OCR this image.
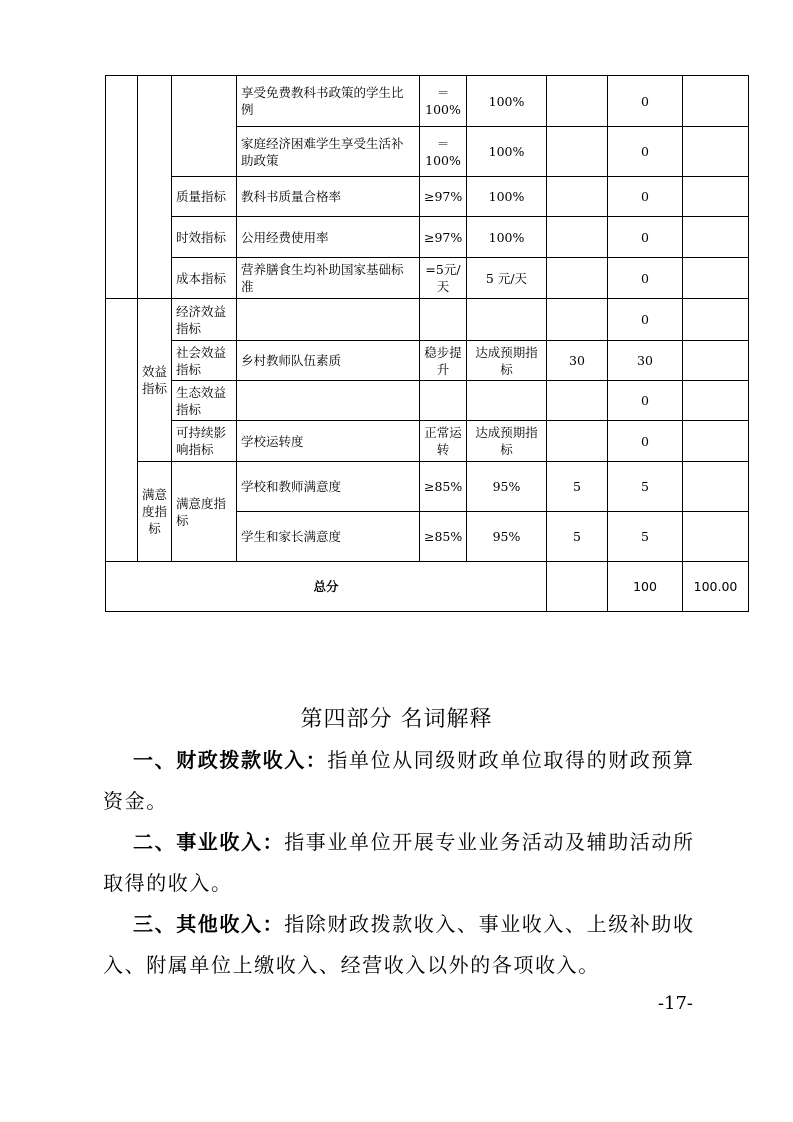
			享受免费教科书政策的学生比例	＝100%	100%		0	
			家庭经济困难学生享受生活补助政策	＝100%	100%		0	
		质量指标	教科书质量合格率	≥97%	100%		0	
		时效指标	公用经费使用率	≥97%	100%		0	
		成本指标	营养膳食生均补助国家基础标准	=5元/天	5 元/天		0	
	效益指标	经济效益指标					0	
		社会效益指标	乡村教师队伍素质	稳步提升	达成预期指标	30	30	
		生态效益指标					0	
		可持续影响指标	学校运转度	正常运转	达成预期指标		0	
	满意度指标	满意度指标	学校和教师满意度	≥85%	95%	5	5	
			学生和家长满意度	≥85%	95%	5	5	
总分							100	100.00
第四部分 名词解释

一、财政拨款收入：指单位从同级财政单位取得的财政预算

资金。

二、事业收入：指事业单位开展专业业务活动及辅助活动所

取得的收入。

三、其他收入：指除财政拨款收入、事业收入、上级补助收

入、附属单位上缴收入、经营收入以外的各项收入。

-17-
